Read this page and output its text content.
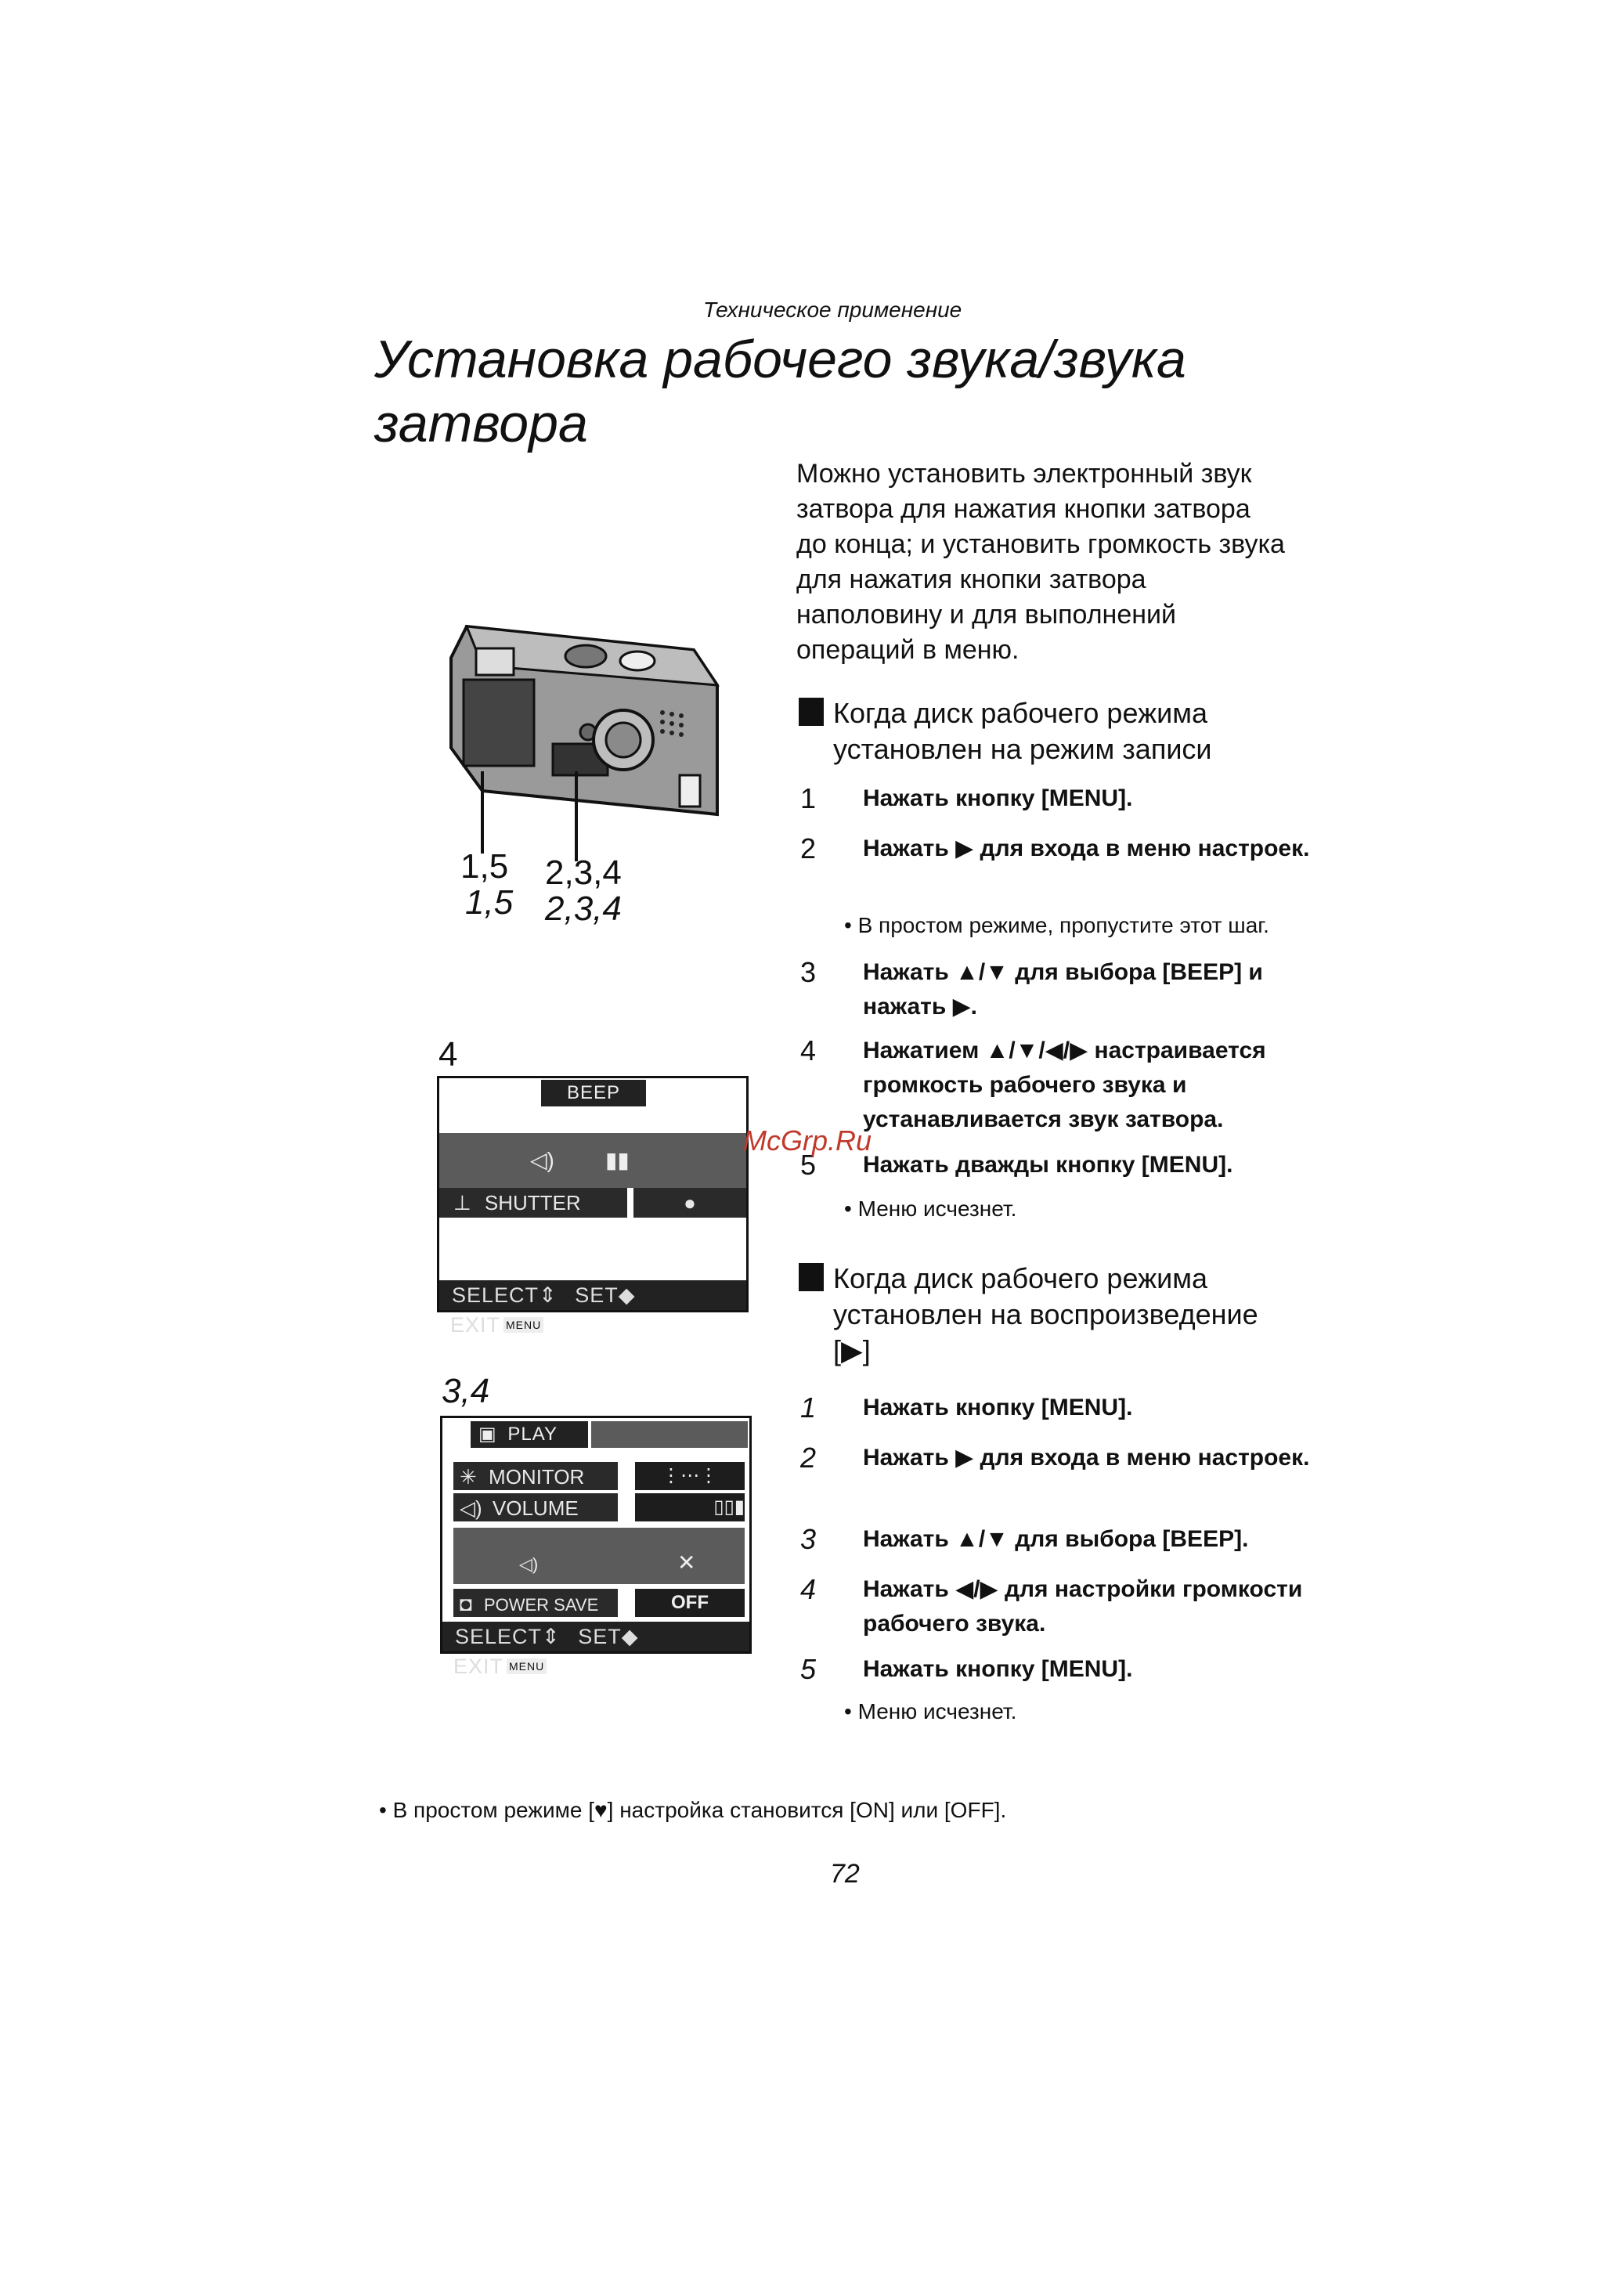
Техническое применение
Установка рабочего звука/звука
затвора
Можно установить электронный звук
затвора для нажатия кнопки затвора
до конца; и установить громкость звука
для нажатия кнопки затвора
наполовину и для выполнений
операций в меню.
1,5
1,5
2,3,4
2,3,4
4
BEEP
◁) ▮▮
⊥ SHUTTER	●
SELECT⇕ SET◆ EXIT MENU
3,4
▣ PLAY
✳ MONITOR	⋮⋯⋮
◁) VOLUME	▯▯▮
◁)	✕
◘ POWER SAVE	OFF
SELECT⇕ SET◆ EXIT MENU
Когда диск рабочего режима
установлен на режим записи
1 Нажать кнопку [MENU].
2 Нажать ▶ для входа в меню настроек.
• В простом режиме, пропустите этот шаг.
3 Нажать ▲/▼ для выбора [BEEP] и нажать ▶.
4 Нажатием ▲/▼/◀/▶ настраивается громкость рабочего звука и устанавливается звук затвора.
5 Нажать дважды кнопку [MENU].
• Меню исчезнет.
McGrp.Ru
Когда диск рабочего режима
установлен на воспроизведение
[▶]
1 Нажать кнопку [MENU].
2 Нажать ▶ для входа в меню настроек.
3 Нажать ▲/▼ для выбора [BEEP].
4 Нажать ◀/▶ для настройки громкости рабочего звука.
5 Нажать кнопку [MENU].
• Меню исчезнет.
• В простом режиме [♥] настройка становится [ON] или [OFF].
72
